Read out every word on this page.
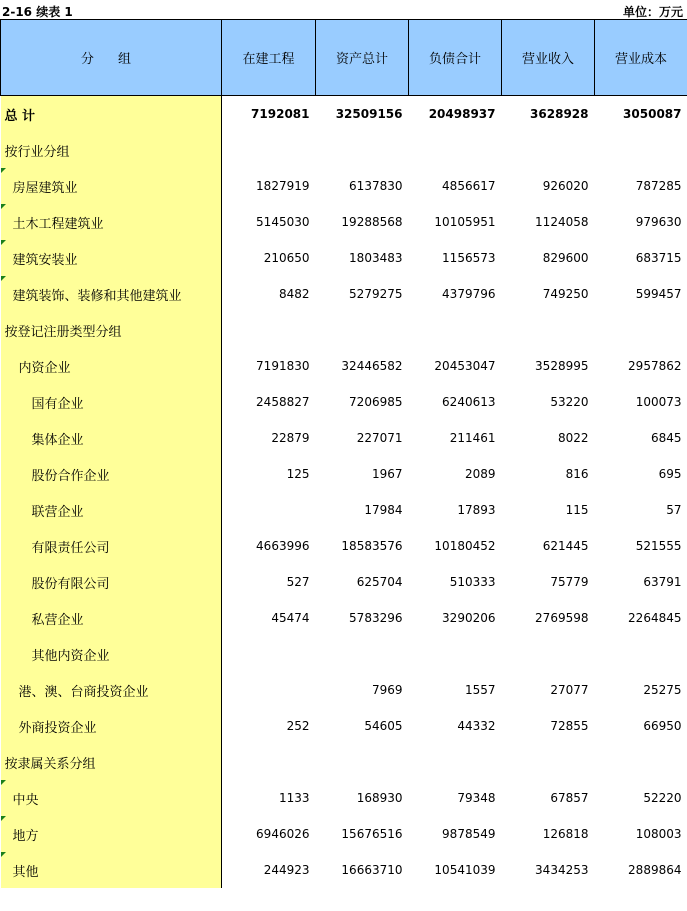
2-16 续表 1	单位：万元
分 组	在建工程	资产总计	负债合计	营业收入	营业成本
总 计	7192081	32509156	20498937	3628928	3050087
按行业分组					

房屋建筑业	1827919	6137830	4856617	926020	787285

土木工程建筑业	5145030	19288568	10105951	1124058	979630

建筑安装业	210650	1803483	1156573	829600	683715

建筑装饰、装修和其他建筑业	8482	5279275	4379796	749250	599457
按登记注册类型分组					
内资企业	7191830	32446582	20453047	3528995	2957862
国有企业	2458827	7206985	6240613	53220	100073
集体企业	22879	227071	211461	8022	6845
股份合作企业	125	1967	2089	816	695
联营企业		17984	17893	115	57
有限责任公司	4663996	18583576	10180452	621445	521555
股份有限公司	527	625704	510333	75779	63791
私营企业	45474	5783296	3290206	2769598	2264845
其他内资企业					
港、澳、台商投资企业		7969	1557	27077	25275
外商投资企业	252	54605	44332	72855	66950
按隶属关系分组					

中央	1133	168930	79348	67857	52220

地方	6946026	15676516	9878549	126818	108003

其他	244923	16663710	10541039	3434253	2889864
